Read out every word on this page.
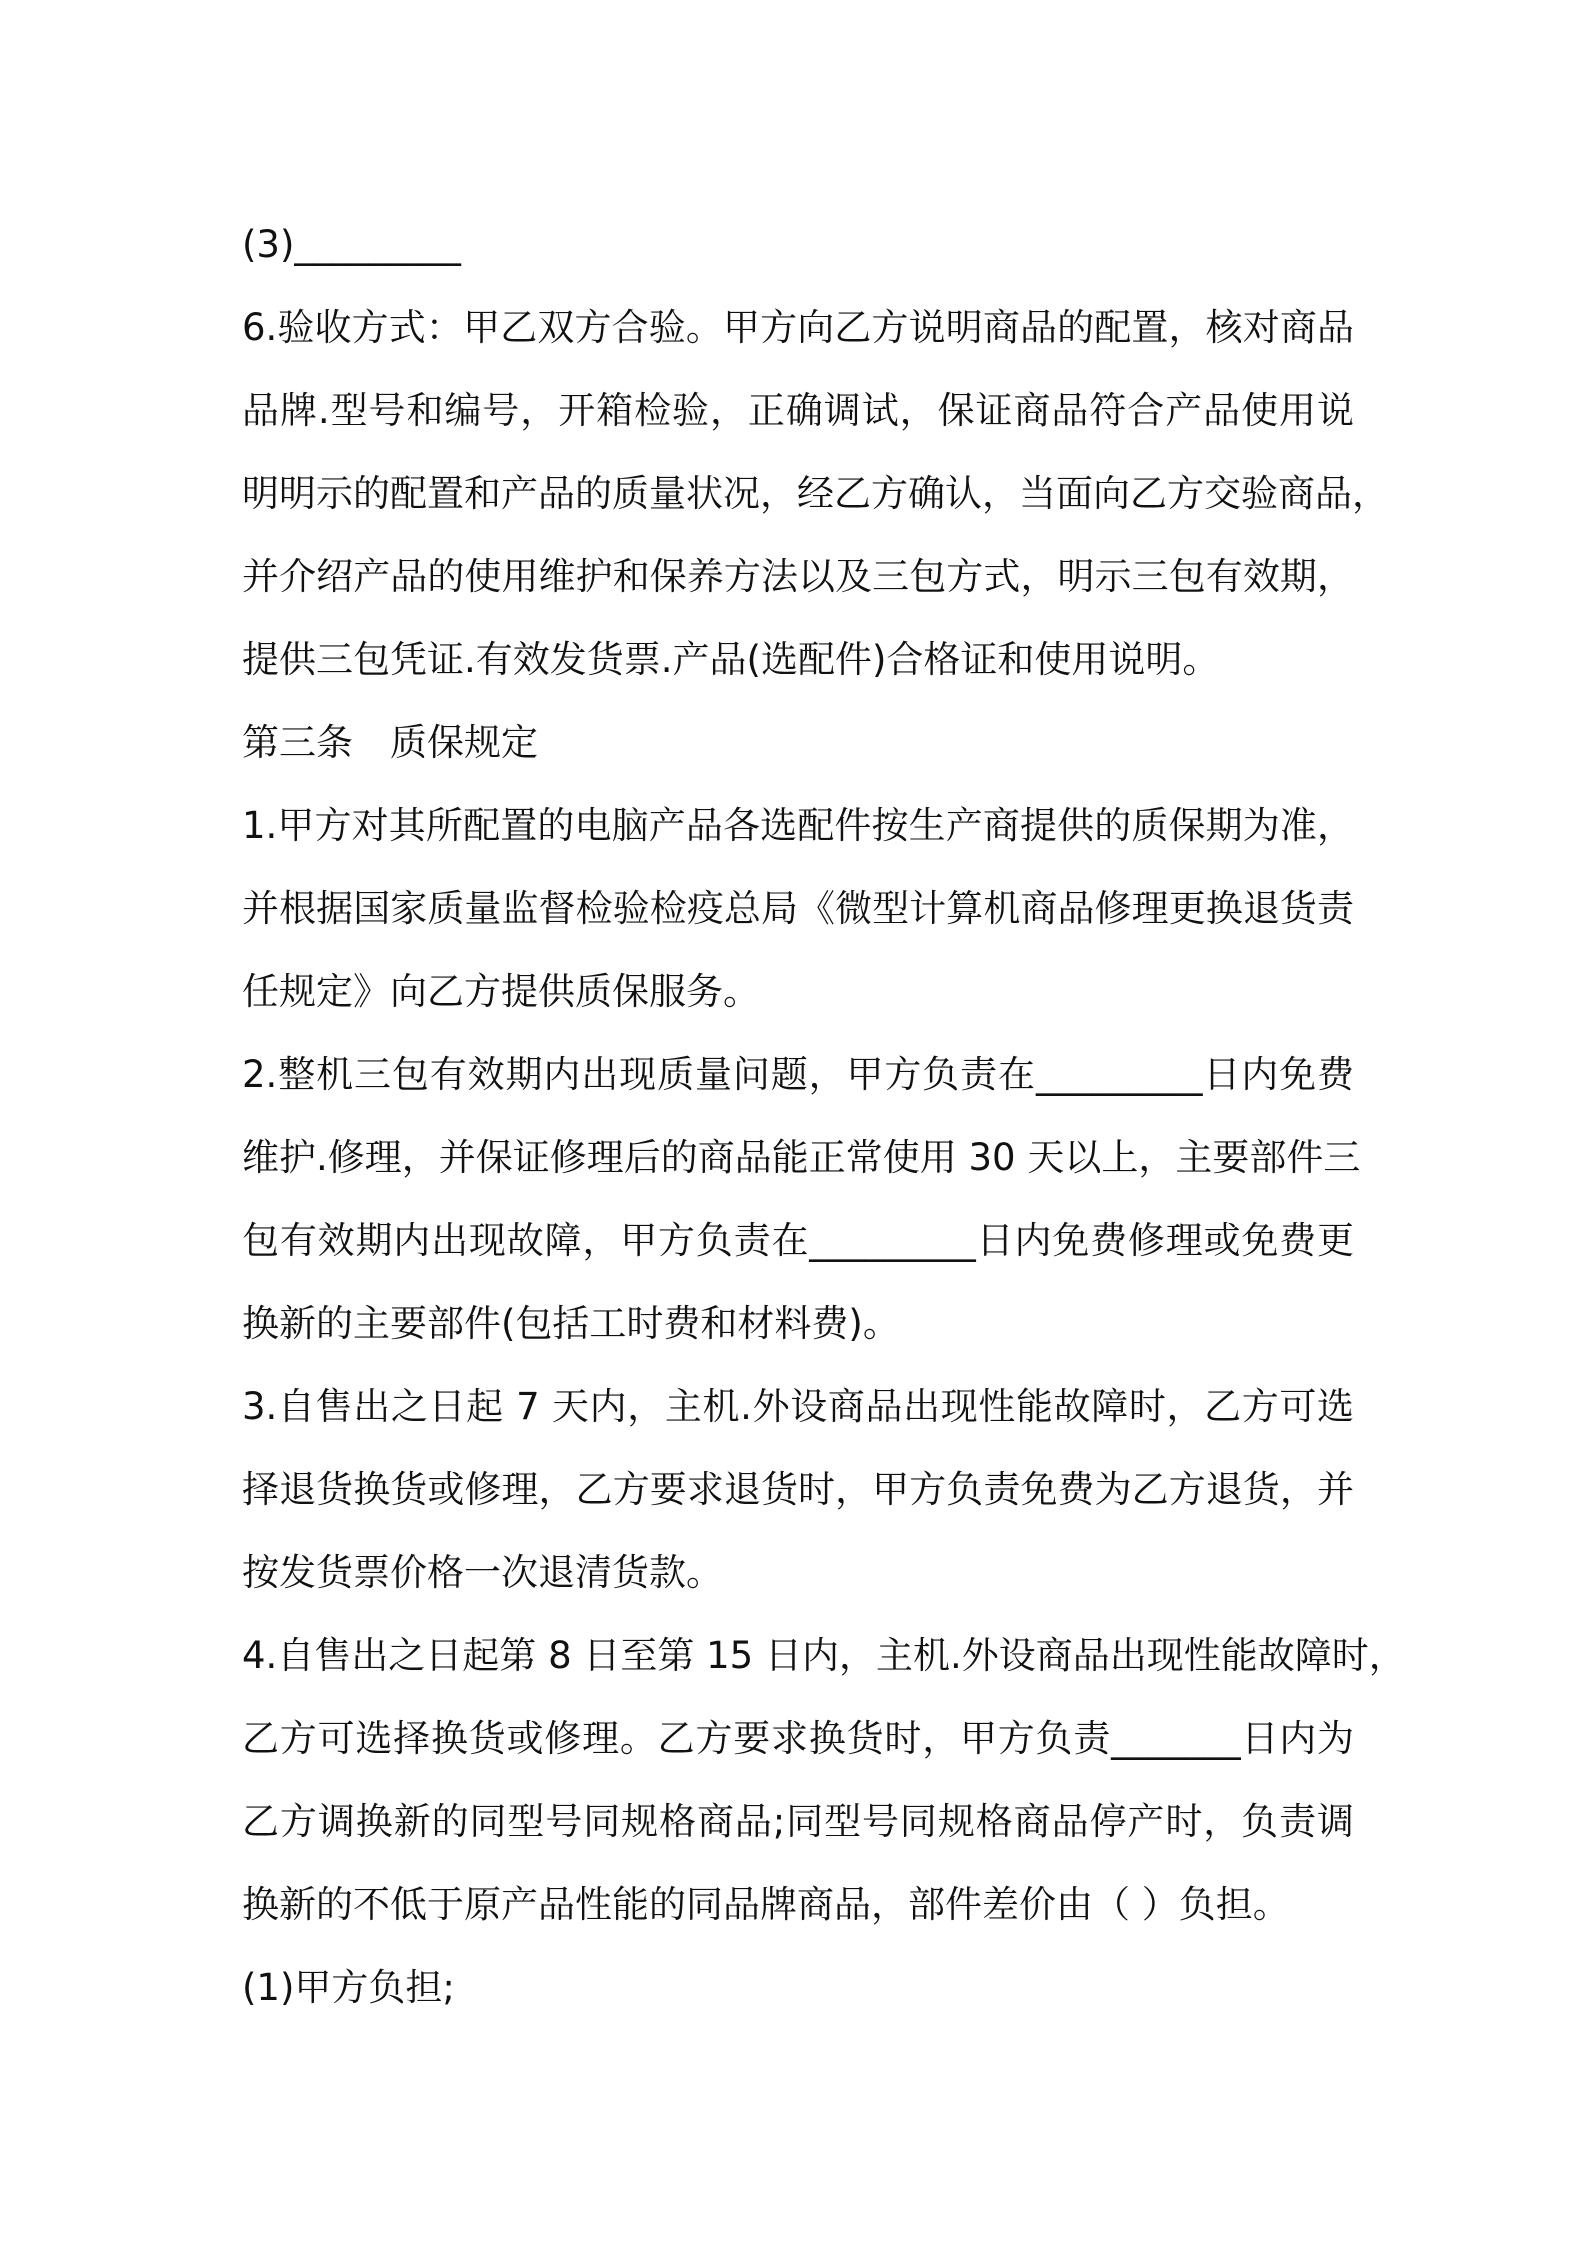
(3)_________
6.验收方式：甲乙双方合验。甲方向乙方说明商品的配置，核对商品
品牌.型号和编号，开箱检验，正确调试，保证商品符合产品使用说
明明示的配置和产品的质量状况，经乙方确认，当面向乙方交验商品，
并介绍产品的使用维护和保养方法以及三包方式，明示三包有效期，
提供三包凭证.有效发货票.产品(选配件)合格证和使用说明。
第三条　质保规定
1.甲方对其所配置的电脑产品各选配件按生产商提供的质保期为准，
并根据国家质量监督检验检疫总局《微型计算机商品修理更换退货责
任规定》向乙方提供质保服务。
2.整机三包有效期内出现质量问题，甲方负责在_________日内免费
维护.修理，并保证修理后的商品能正常使用 30 天以上，主要部件三
包有效期内出现故障，甲方负责在_________日内免费修理或免费更
换新的主要部件(包括工时费和材料费)。
3.自售出之日起 7 天内，主机.外设商品出现性能故障时，乙方可选
择退货换货或修理，乙方要求退货时，甲方负责免费为乙方退货，并
按发货票价格一次退清货款。
4.自售出之日起第 8 日至第 15 日内，主机.外设商品出现性能故障时，
乙方可选择换货或修理。乙方要求换货时，甲方负责_______日内为
乙方调换新的同型号同规格商品;同型号同规格商品停产时，负责调
换新的不低于原产品性能的同品牌商品，部件差价由（ ）负担。
(1)甲方负担;
